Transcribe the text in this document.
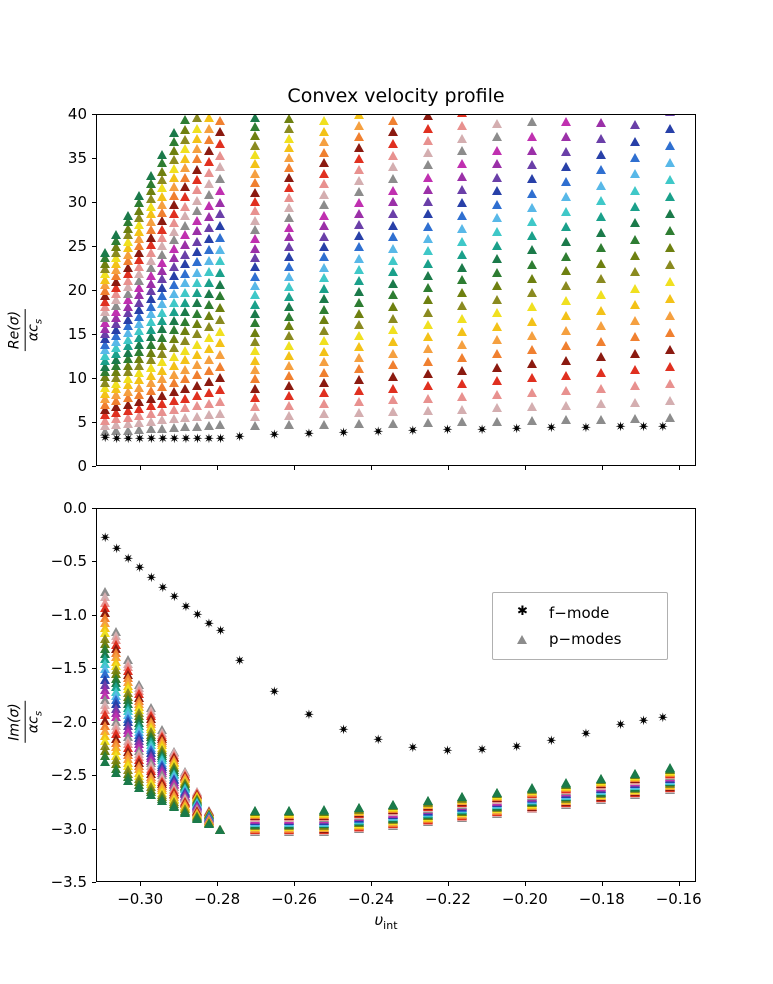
✷ ✷ ✷ ✷ ✷ ✷ ✷ ✷ ✷ ✷ ✷ ✷ ✷ ✷ ✷ ✷ ✷ ✷ ✷ ✷ ✷ ✷ ✷ ✷ ✷
Convex velocity profile
0
5
10
15
20
25
30
35
40
✷
✷
✷
✷
✷
✷
✷
✷
✷
✷ ✷
✷
✷
✷
✷
✷ ✷ ✷ ✷ ✷ ✷ ✷
✷ ✷ ✷
✱ f−mode
p−modes
−0.30 −0.28 −0.26 −0.24 −0.22 −0.20 −0.18 −0.16
−3.5
−3.0
−2.5
−2.0
−1.5
−1.0
−0.5
0.0
Re(σ) $\alpha c_s$
Im(σ) $\alpha c_s$
$\upsilon_{int}$
